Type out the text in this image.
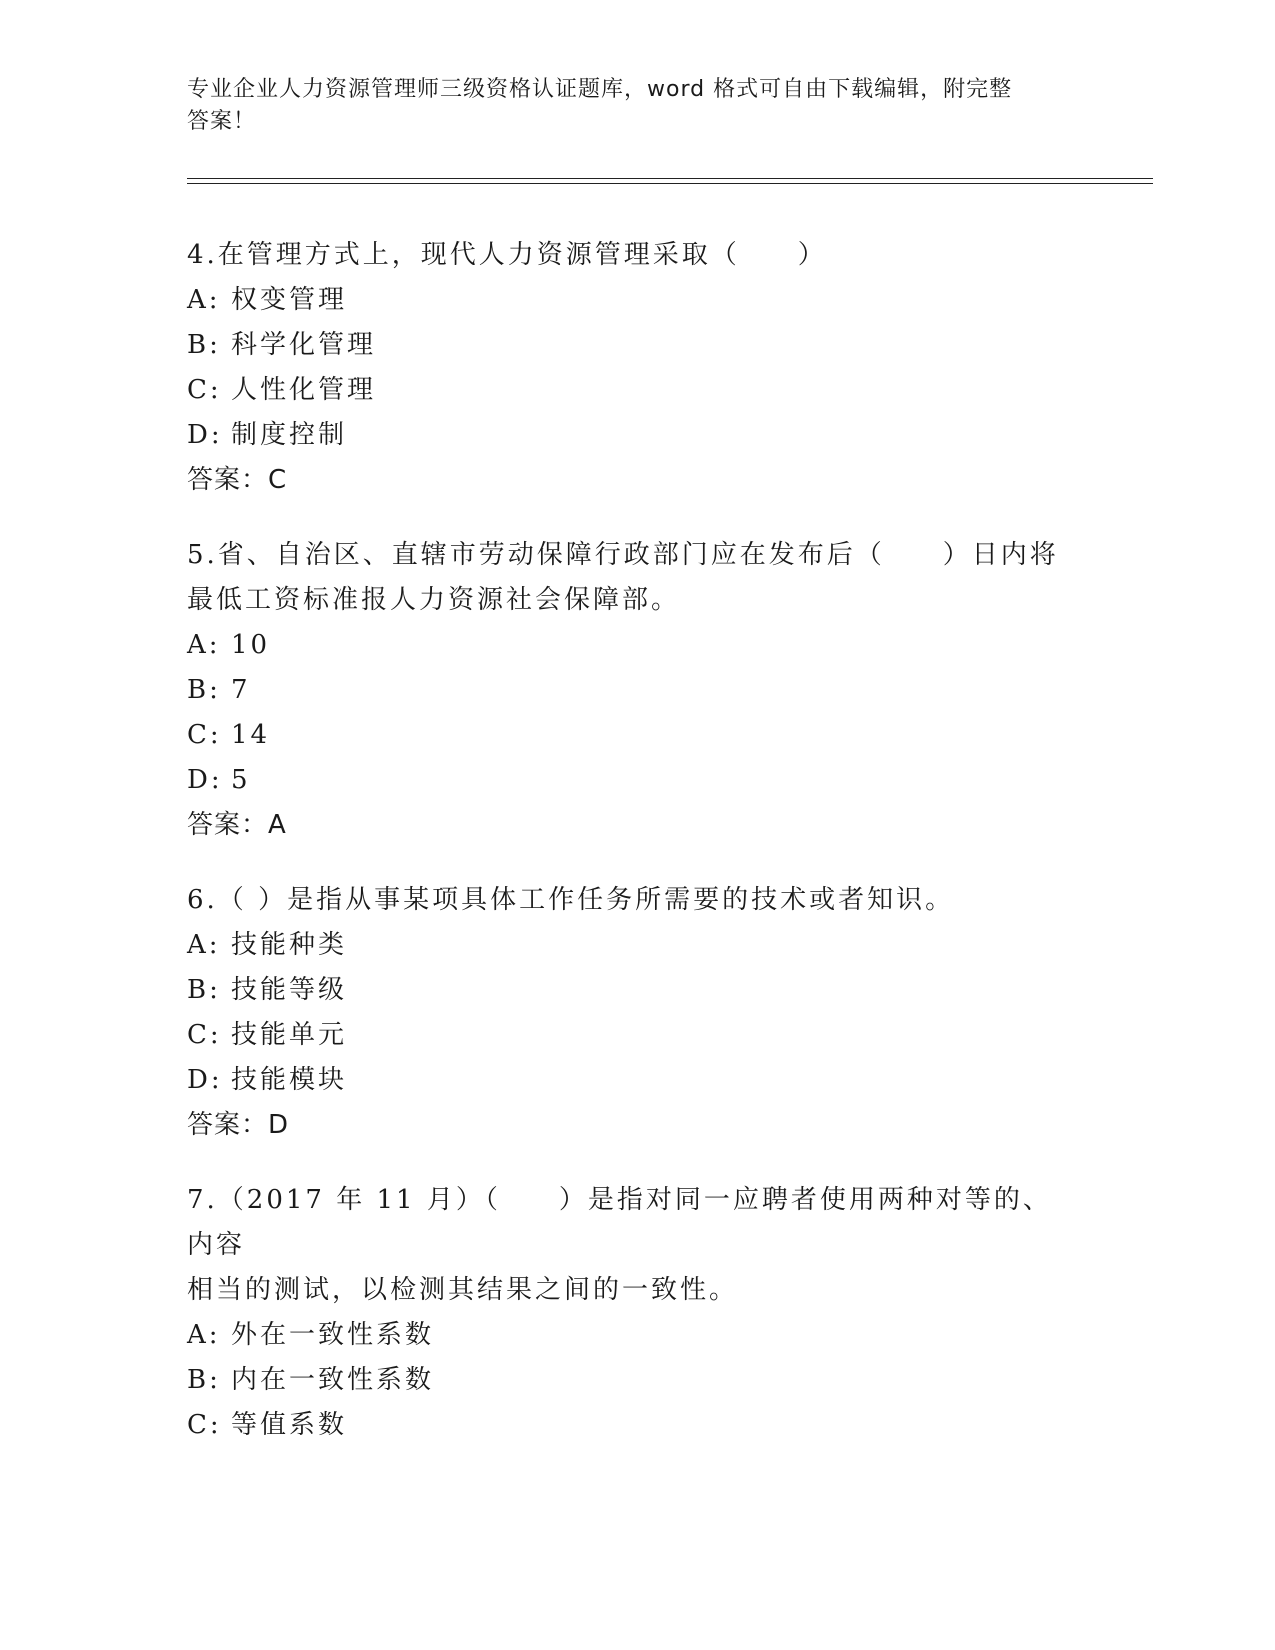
专业企业人力资源管理师三级资格认证题库，word 格式可自由下载编辑，附完整
答案！
4.在管理方式上，现代人力资源管理采取（　　）
A: 权变管理
B: 科学化管理
C: 人性化管理
D: 制度控制
答案：C
5.省、自治区、直辖市劳动保障行政部门应在发布后（　　）日内将
最低工资标准报人力资源社会保障部。
A: 10
B: 7
C: 14
D: 5
答案：A
6.（ ）是指从事某项具体工作任务所需要的技术或者知识。
A: 技能种类
B: 技能等级
C: 技能单元
D: 技能模块
答案：D
7.（2017 年 11 月）（　　）是指对同一应聘者使用两种对等的、内容
相当的测试，以检测其结果之间的一致性。
A: 外在一致性系数
B: 内在一致性系数
C: 等值系数
